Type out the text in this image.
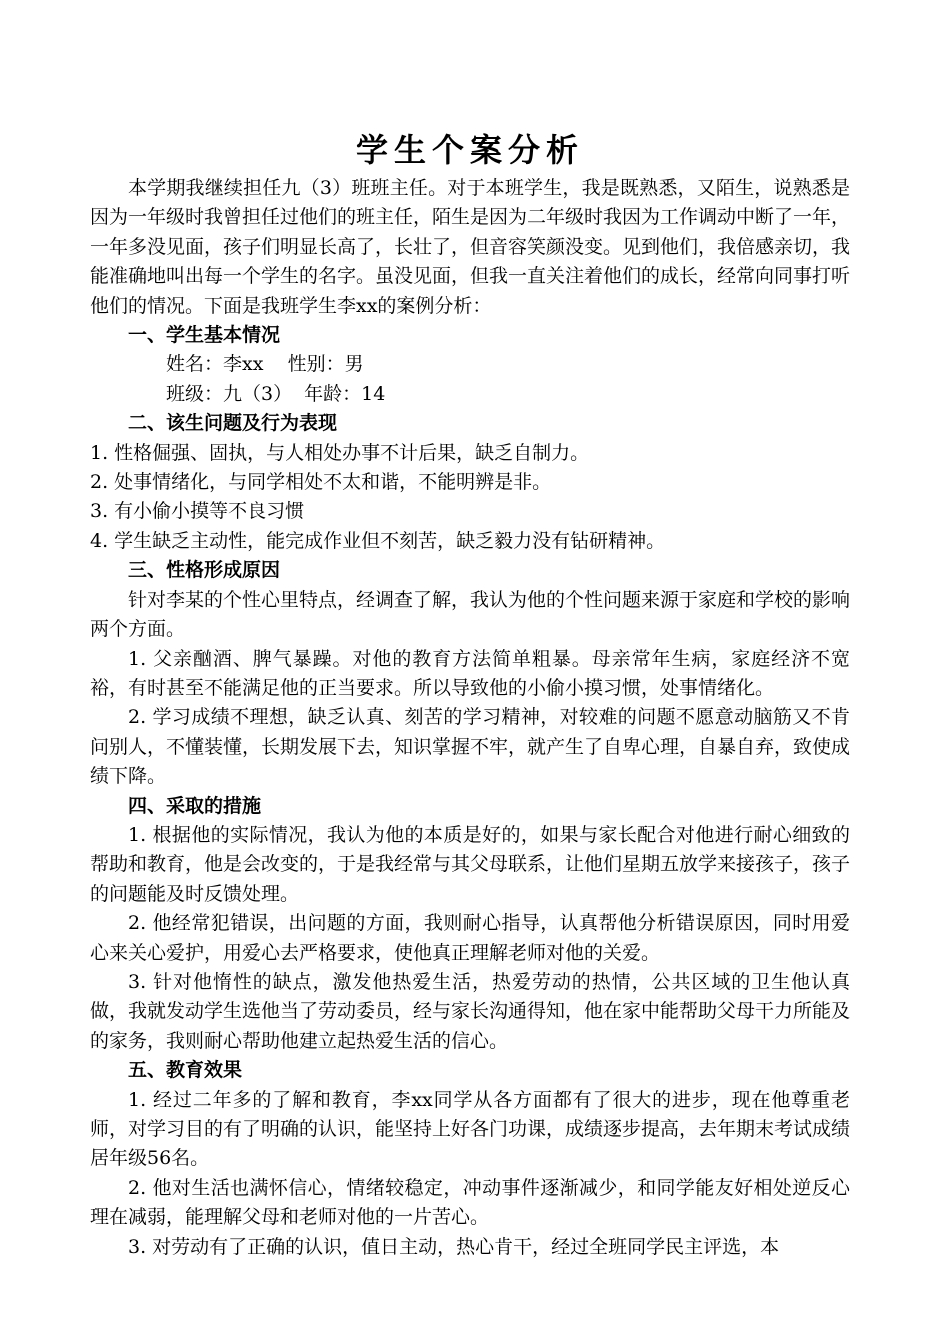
学生个案分析

本学期我继续担任九（3）班班主任。对于本班学生，我是既熟悉，又陌生，说熟悉是因为一年级时我曾担任过他们的班主任，陌生是因为二年级时我因为工作调动中断了一年，一年多没见面，孩子们明显长高了，长壮了，但音容笑颜没变。见到他们，我倍感亲切，我能准确地叫出每一个学生的名字。虽没见面，但我一直关注着他们的成长，经常向同事打听他们的情况。下面是我班学生李xx的案例分析：

一、学生基本情况

姓名：李xx    性别：男

班级：九（3）  年龄：14

二、该生问题及行为表现

1. 性格倔强、固执，与人相处办事不计后果，缺乏自制力。

2. 处事情绪化，与同学相处不太和谐，不能明辨是非。

3. 有小偷小摸等不良习惯

4. 学生缺乏主动性，能完成作业但不刻苦，缺乏毅力没有钻研精神。

三、性格形成原因

针对李某的个性心里特点，经调查了解，我认为他的个性问题来源于家庭和学校的影响两个方面。

1. 父亲酗酒、脾气暴躁。对他的教育方法简单粗暴。母亲常年生病，家庭经济不宽裕，有时甚至不能满足他的正当要求。所以导致他的小偷小摸习惯，处事情绪化。

2. 学习成绩不理想，缺乏认真、刻苦的学习精神，对较难的问题不愿意动脑筋又不肯问别人，不懂装懂，长期发展下去，知识掌握不牢，就产生了自卑心理，自暴自弃，致使成绩下降。

四、采取的措施

1. 根据他的实际情况，我认为他的本质是好的，如果与家长配合对他进行耐心细致的帮助和教育，他是会改变的，于是我经常与其父母联系，让他们星期五放学来接孩子，孩子的问题能及时反馈处理。

2. 他经常犯错误，出问题的方面，我则耐心指导，认真帮他分析错误原因，同时用爱心来关心爱护，用爱心去严格要求，使他真正理解老师对他的关爱。

3. 针对他惰性的缺点，激发他热爱生活，热爱劳动的热情，公共区域的卫生他认真做，我就发动学生选他当了劳动委员，经与家长沟通得知，他在家中能帮助父母干力所能及的家务，我则耐心帮助他建立起热爱生活的信心。

五、教育效果

1. 经过二年多的了解和教育，李xx同学从各方面都有了很大的进步，现在他尊重老师，对学习目的有了明确的认识，能坚持上好各门功课，成绩逐步提高，去年期末考试成绩居年级56名。

2. 他对生活也满怀信心，情绪较稳定，冲动事件逐渐减少，和同学能友好相处逆反心理在减弱，能理解父母和老师对他的一片苦心。

3. 对劳动有了正确的认识，值日主动，热心肯干，经过全班同学民主评选，本
